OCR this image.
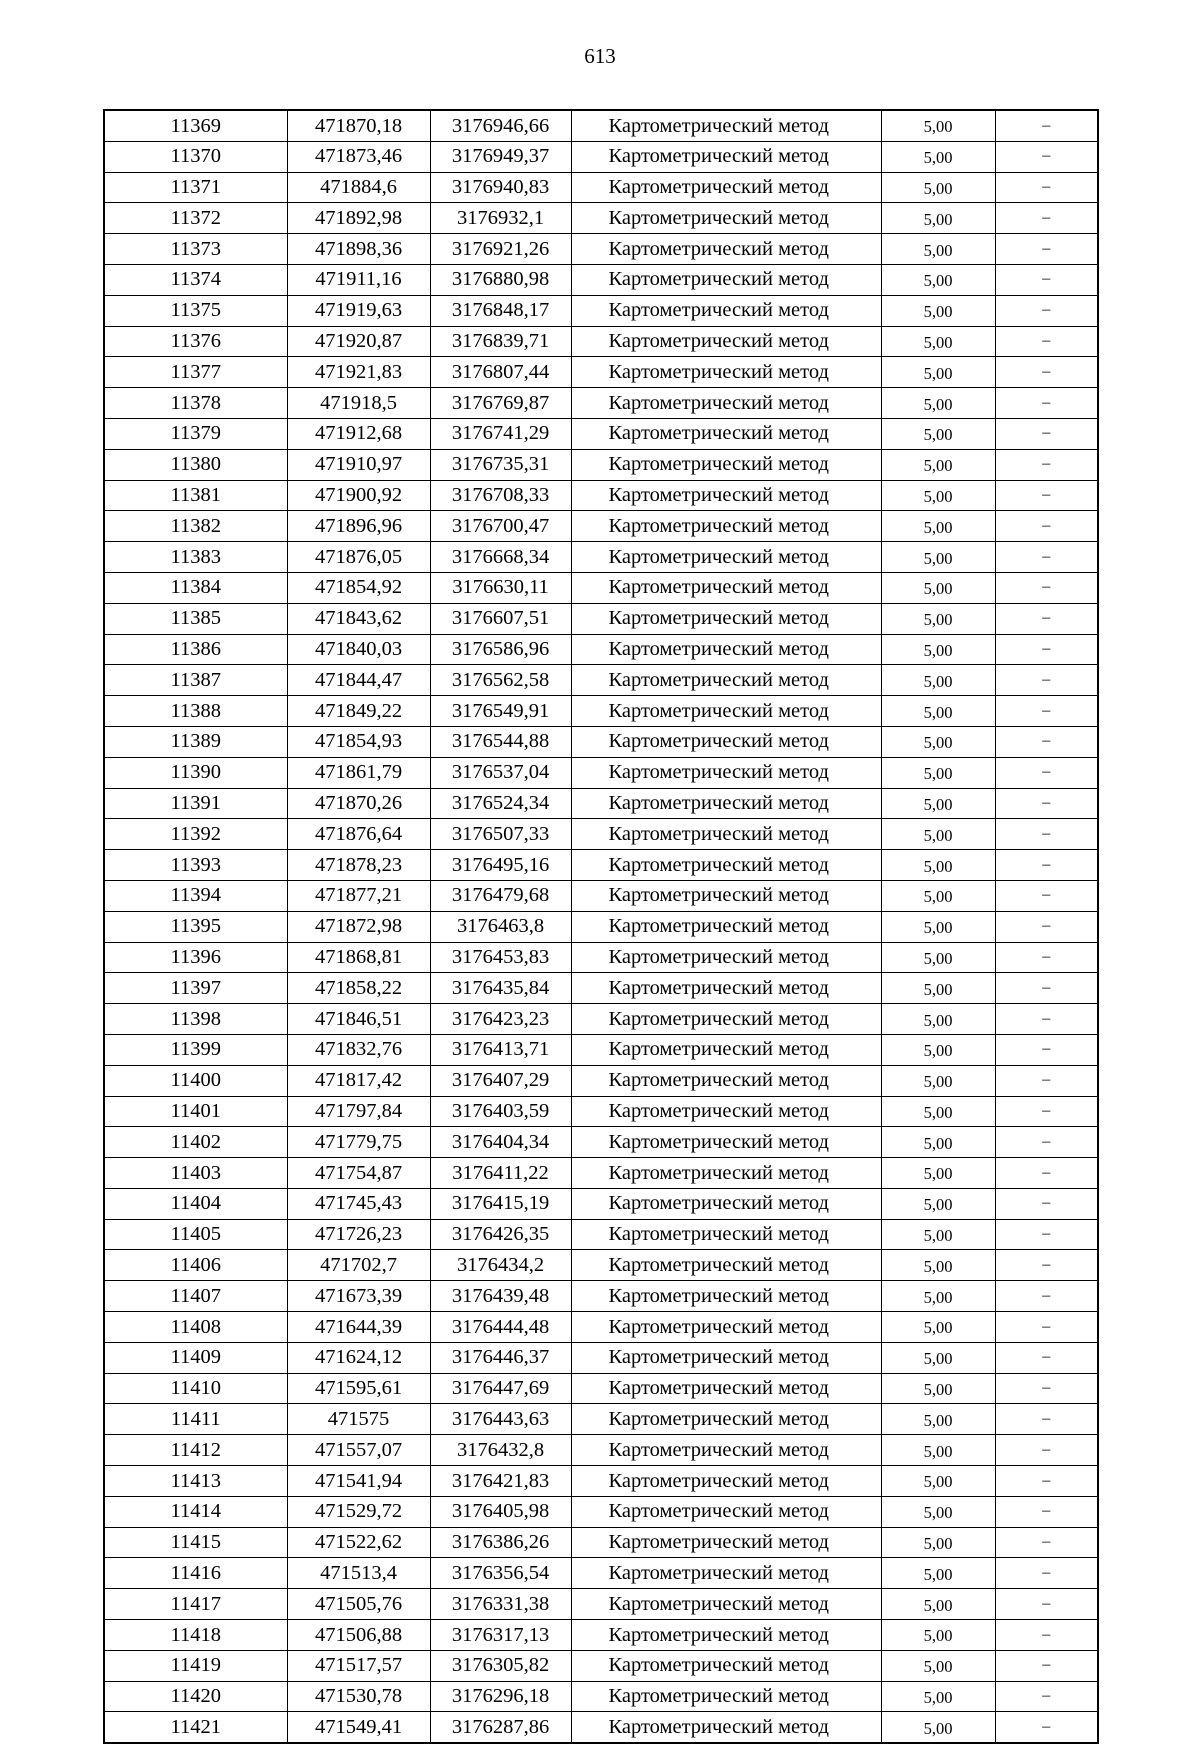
613
11369	471870,18	3176946,66	Картометрический метод	5,00	–
11370	471873,46	3176949,37	Картометрический метод	5,00	–
11371	471884,6	3176940,83	Картометрический метод	5,00	–
11372	471892,98	3176932,1	Картометрический метод	5,00	–
11373	471898,36	3176921,26	Картометрический метод	5,00	–
11374	471911,16	3176880,98	Картометрический метод	5,00	–
11375	471919,63	3176848,17	Картометрический метод	5,00	–
11376	471920,87	3176839,71	Картометрический метод	5,00	–
11377	471921,83	3176807,44	Картометрический метод	5,00	–
11378	471918,5	3176769,87	Картометрический метод	5,00	–
11379	471912,68	3176741,29	Картометрический метод	5,00	–
11380	471910,97	3176735,31	Картометрический метод	5,00	–
11381	471900,92	3176708,33	Картометрический метод	5,00	–
11382	471896,96	3176700,47	Картометрический метод	5,00	–
11383	471876,05	3176668,34	Картометрический метод	5,00	–
11384	471854,92	3176630,11	Картометрический метод	5,00	–
11385	471843,62	3176607,51	Картометрический метод	5,00	–
11386	471840,03	3176586,96	Картометрический метод	5,00	–
11387	471844,47	3176562,58	Картометрический метод	5,00	–
11388	471849,22	3176549,91	Картометрический метод	5,00	–
11389	471854,93	3176544,88	Картометрический метод	5,00	–
11390	471861,79	3176537,04	Картометрический метод	5,00	–
11391	471870,26	3176524,34	Картометрический метод	5,00	–
11392	471876,64	3176507,33	Картометрический метод	5,00	–
11393	471878,23	3176495,16	Картометрический метод	5,00	–
11394	471877,21	3176479,68	Картометрический метод	5,00	–
11395	471872,98	3176463,8	Картометрический метод	5,00	–
11396	471868,81	3176453,83	Картометрический метод	5,00	–
11397	471858,22	3176435,84	Картометрический метод	5,00	–
11398	471846,51	3176423,23	Картометрический метод	5,00	–
11399	471832,76	3176413,71	Картометрический метод	5,00	–
11400	471817,42	3176407,29	Картометрический метод	5,00	–
11401	471797,84	3176403,59	Картометрический метод	5,00	–
11402	471779,75	3176404,34	Картометрический метод	5,00	–
11403	471754,87	3176411,22	Картометрический метод	5,00	–
11404	471745,43	3176415,19	Картометрический метод	5,00	–
11405	471726,23	3176426,35	Картометрический метод	5,00	–
11406	471702,7	3176434,2	Картометрический метод	5,00	–
11407	471673,39	3176439,48	Картометрический метод	5,00	–
11408	471644,39	3176444,48	Картометрический метод	5,00	–
11409	471624,12	3176446,37	Картометрический метод	5,00	–
11410	471595,61	3176447,69	Картометрический метод	5,00	–
11411	471575	3176443,63	Картометрический метод	5,00	–
11412	471557,07	3176432,8	Картометрический метод	5,00	–
11413	471541,94	3176421,83	Картометрический метод	5,00	–
11414	471529,72	3176405,98	Картометрический метод	5,00	–
11415	471522,62	3176386,26	Картометрический метод	5,00	–
11416	471513,4	3176356,54	Картометрический метод	5,00	–
11417	471505,76	3176331,38	Картометрический метод	5,00	–
11418	471506,88	3176317,13	Картометрический метод	5,00	–
11419	471517,57	3176305,82	Картометрический метод	5,00	–
11420	471530,78	3176296,18	Картометрический метод	5,00	–
11421	471549,41	3176287,86	Картометрический метод	5,00	–
